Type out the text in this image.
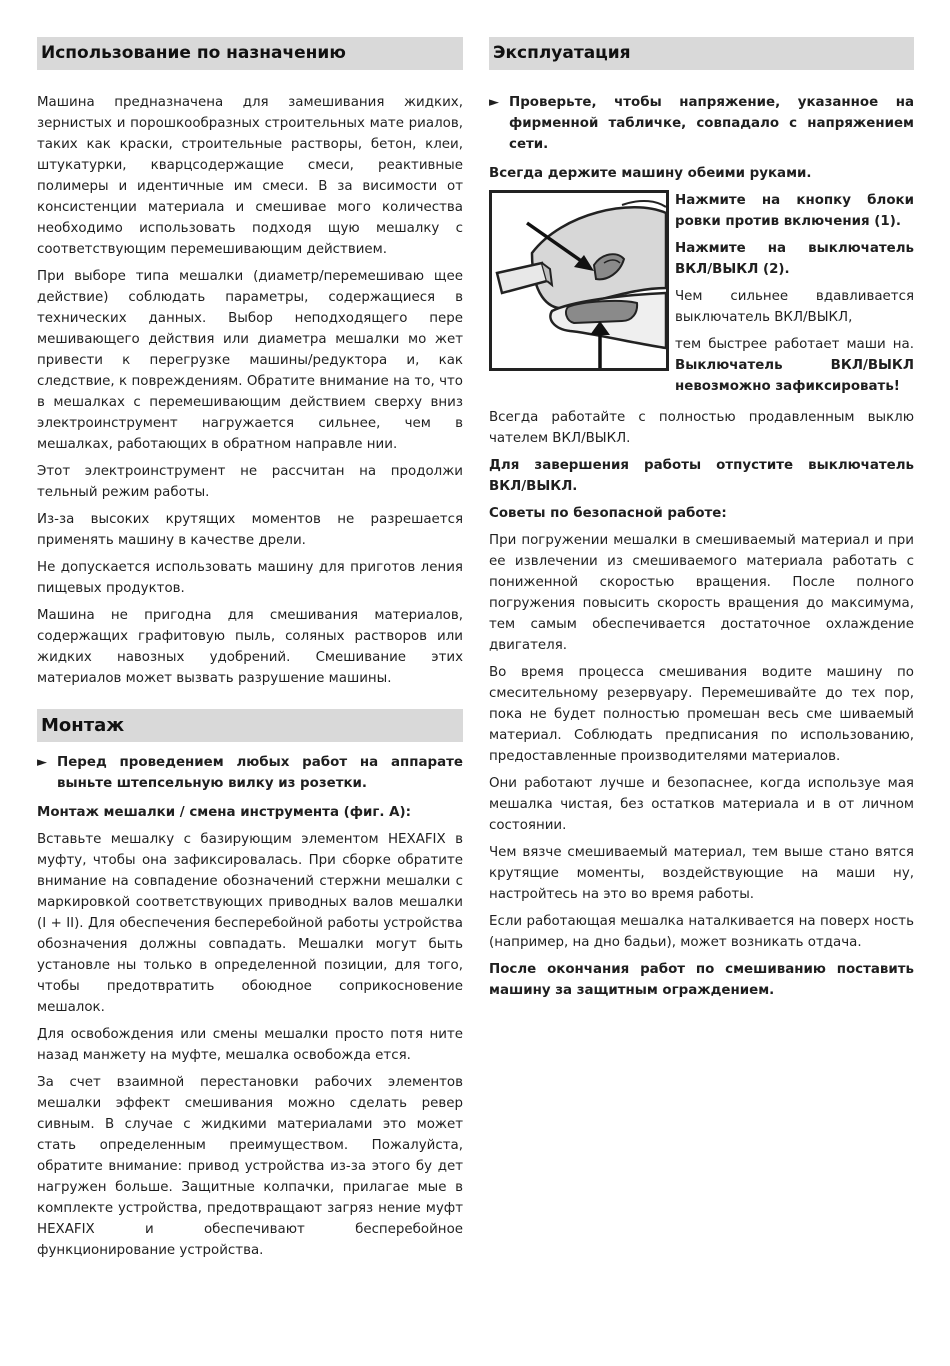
Использование по назначению

Машина предназначена для замешивания жидких, зернистых и порошкообразных строительных мате риалов, таких как краски, строительные растворы, бетон, клеи, штукатурки, кварцсодержащие смеси, реактивные полимеры и идентичные им смеси. В за висимости от консистенции материала и смешивае мого количества необходимо использовать подходя щую мешалку с соответствующим перемешивающим действием.

При выборе типа мешалки (диаметр/перемешиваю щее действие) соблюдать параметры, содержащиеся в технических данных. Выбор неподходящего пере мешивающего действия или диаметра мешалки мо жет привести к перегрузке машины/редуктора и, как следствие, к повреждениям. Обратите внимание на то, что в мешалках с перемешивающим действием сверху вниз электроинструмент нагружается сильнее, чем в мешалках, работающих в обратном направле нии.

Этот электроинструмент не рассчитан на продолжи тельный режим работы.

Из-за высоких крутящих моментов не разрешается применять машину в качестве дрели.

Не допускается использовать машину для приготов ления пищевых продуктов.

Машина не пригодна для смешивания материалов, содержащих графитовую пыль, соляных растворов или жидких навозных удобрений. Смешивание этих материалов может вызвать разрушение машины.

Монтаж
► Перед проведением любых работ на аппарате выньте штепсельную вилку из розетки.

Монтаж мешалки / смена инструмента (фиг. A):

Вставьте мешалку с базирующим элементом HEXAFIX в муфту, чтобы она зафиксировалась. При сборке обратите внимание на совпадение обозначений стержни мешалки с маркировкой соответствующих приводных валов мешалки (I + II). Для обеспечения бесперебойной работы устройства обозначения должны совпадать. Мешалки могут быть установле ны только в определенной позиции, для того, чтобы предотвратить обоюдное соприкосновение мешалок.

Для освобождения или смены мешалки просто потя ните назад манжету на муфте, мешалка освобожда ется.

За счет взаимной перестановки рабочих элементов мешалки эффект смешивания можно сделать ревер сивным. В случае с жидкими материалами это может стать определенным преимуществом. Пожалуйста, обратите внимание: привод устройства из-за этого бу дет нагружен больше. Защитные колпачки, прилагае мые в комплекте устройства, предотвращают загряз нение муфт HEXAFIX и обеспечивают бесперебойное функционирование устройства.

Эксплуатация
► Проверьте, чтобы напряжение, указанное на фирменной табличке, совпадало с напряжением сети.

Всегда держите машину обеими руками.

Нажмите на кнопку блоки ровки против включения (1).

Нажмите на выключатель ВКЛ/ВЫКЛ (2).

Чем сильнее вдавливается выключатель ВКЛ/ВЫКЛ,

тем быстрее работает маши на. Выключатель ВКЛ/ВЫКЛ невозможно зафиксировать!

Всегда работайте с полностью продавленным выклю чателем ВКЛ/ВЫКЛ.

Для завершения работы отпустите выключатель ВКЛ/ВЫКЛ.

Советы по безопасной работе:

При погружении мешалки в смешиваемый материал и при ее извлечении из смешиваемого материала работать с пониженной скоростью вращения. После полного погружения повысить скорость вращения до максимума, тем самым обеспечивается достаточное охлаждение двигателя.

Во время процесса смешивания водите машину по смесительному резервуару. Перемешивайте до тех пор, пока не будет полностью промешан весь сме шиваемый материал. Соблюдать предписания по использованию, предоставленные производителями материалов.

Они работают лучше и безопаснее, когда используе мая мешалка чистая, без остатков материала и в от личном состоянии.

Чем вязче смешиваемый материал, тем выше стано вятся крутящие моменты, воздействующие на маши ну, настройтесь на это во время работы.

Если работающая мешалка наталкивается на поверх ность (например, на дно бадьи), может возникать отдача.

После окончания работ по смешиванию поставить машину за защитным ограждением.
